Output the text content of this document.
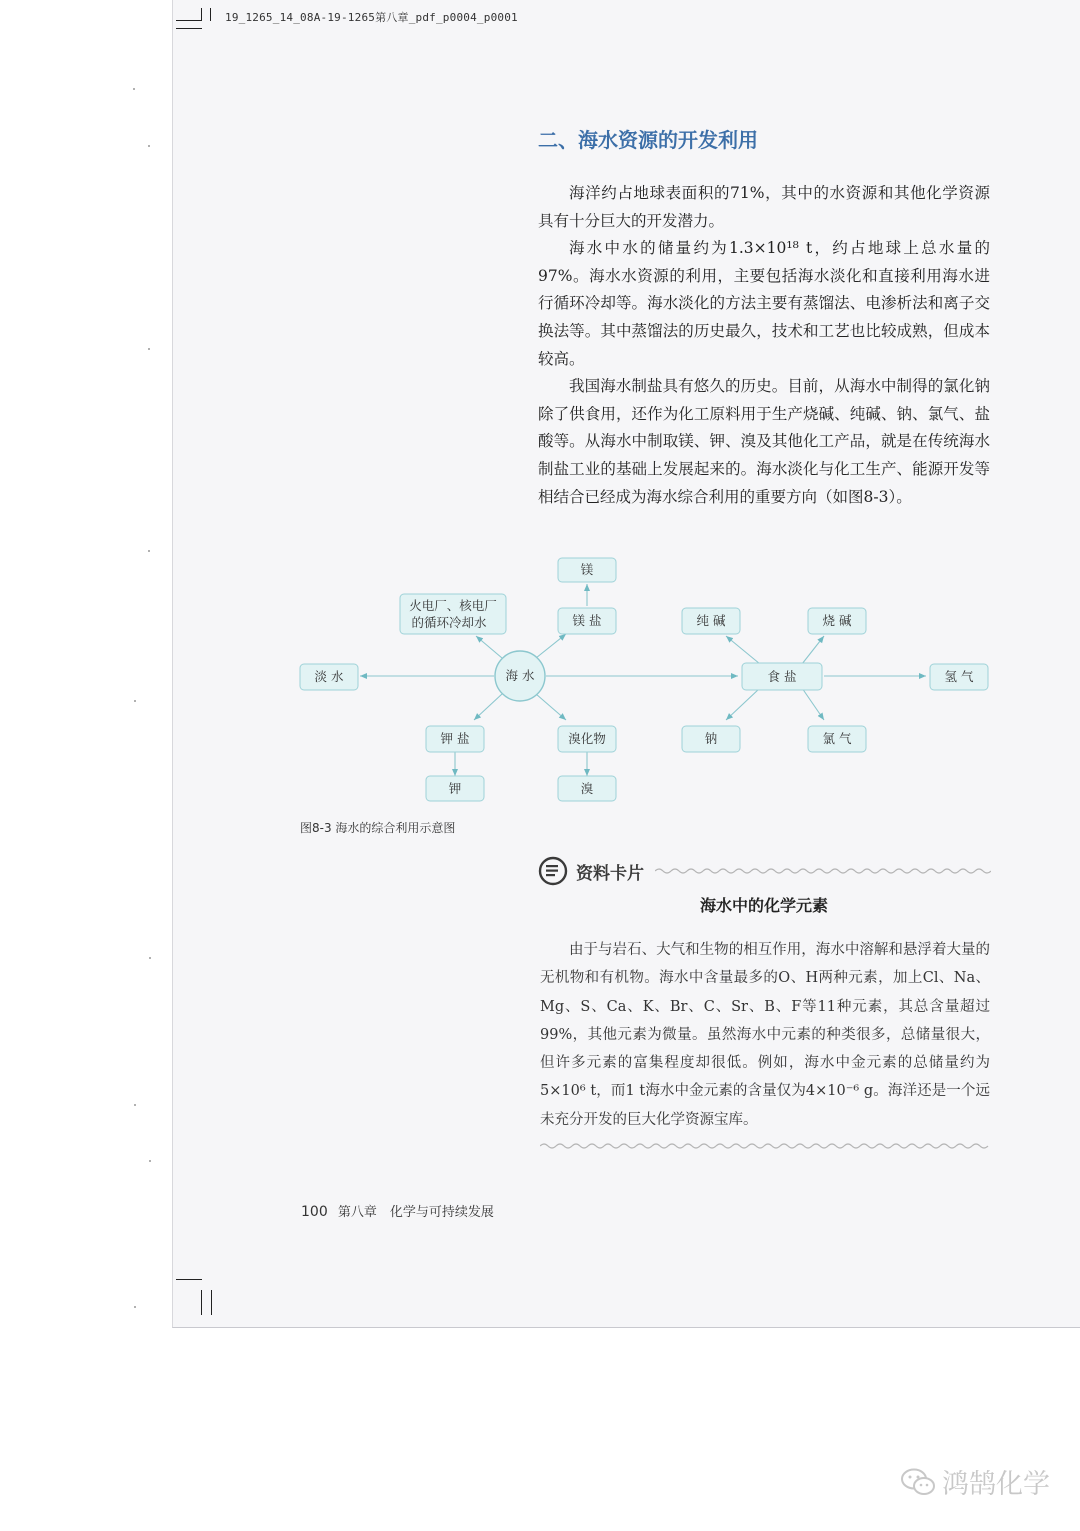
19_1265_14_08A-19-1265第八章_pdf_p0004_p0001
二、海水资源的开发利用

海洋约占地球表面积的71%，其中的水资源和其他化学资源具有十分巨大的开发潜力。

海水中水的储量约为1.3×10¹⁸ t，约占地球上总水量的97%。海水水资源的利用，主要包括海水淡化和直接利用海水进行循环冷却等。海水淡化的方法主要有蒸馏法、电渗析法和离子交换法等。其中蒸馏法的历史最久，技术和工艺也比较成熟，但成本较高。

我国海水制盐具有悠久的历史。目前，从海水中制得的氯化钠除了供食用，还作为化工原料用于生产烧碱、纯碱、钠、氯气、盐酸等。从海水中制取镁、钾、溴及其他化工产品，就是在传统海水制盐工业的基础上发展起来的。海水淡化与化工生产、能源开发等相结合已经成为海水综合利用的重要方向（如图8-3）。

海 水
淡 水
火电厂、核电厂
的循环冷却水
镁
镁 盐
钾 盐
钾
溴化物
溴
食 盐
纯 碱	烧 碱
钠	氯 气
氢 气
图8-3 海水的综合利用示意图
资料卡片
海水中的化学元素

由于与岩石、大气和生物的相互作用，海水中溶解和悬浮着大量的无机物和有机物。海水中含量最多的O、H两种元素，加上Cl、Na、Mg、S、Ca、K、Br、C、Sr、B、F等11种元素，其总含量超过99%，其他元素为微量。虽然海水中元素的种类很多，总储量很大，但许多元素的富集程度却很低。例如，海水中金元素的总储量约为5×10⁶ t，而1 t海水中金元素的含量仅为4×10⁻⁶ g。海洋还是一个远未充分开发的巨大化学资源宝库。

100 第八章　化学与可持续发展
鸿鹄化学
